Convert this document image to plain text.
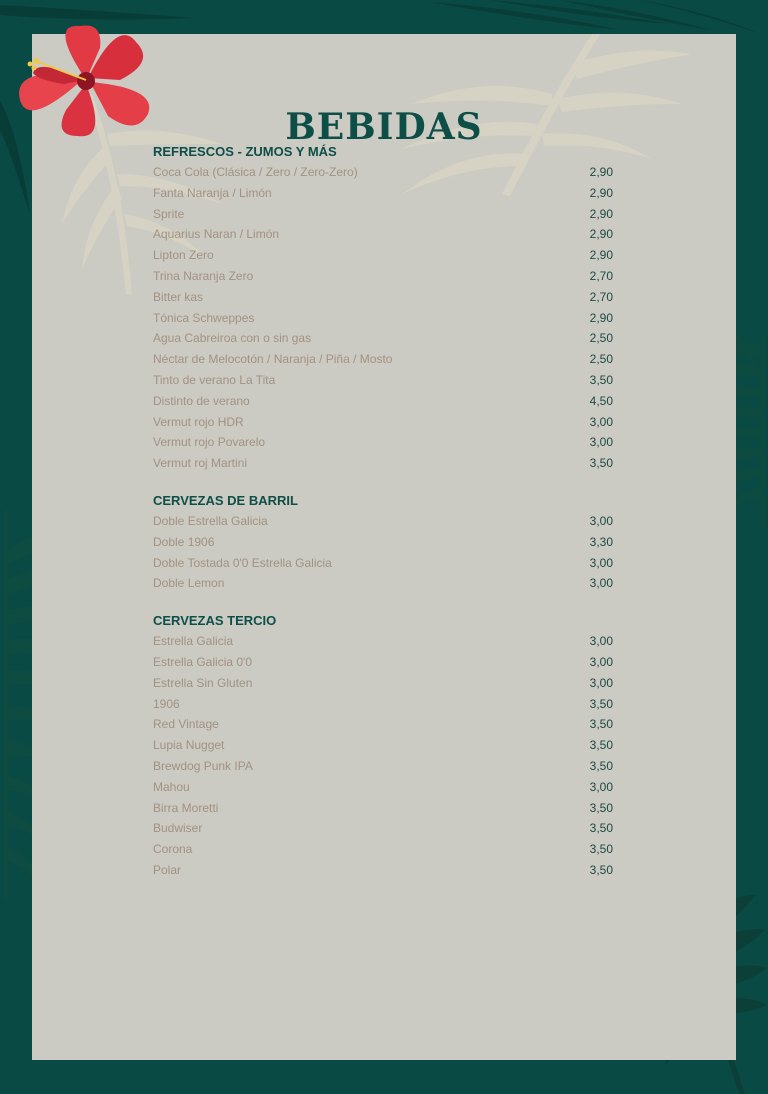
BEBIDAS
REFRESCOS - ZUMOS Y MÁS
Coca Cola (Clásica / Zero / Zero-Zero)	2,90
Fanta Naranja / Limón	2,90
Sprite	2,90
Aquarius Naran / Limón	2,90
Lipton Zero	2,90
Trina Naranja Zero	2,70
Bitter kas	2,70
Tónica Schweppes	2,90
Agua Cabreiroa con o sin gas	2,50
Néctar de Melocotón / Naranja / Piña / Mosto	2,50
Tinto de verano La Tita	3,50
Distinto de verano	4,50
Vermut rojo HDR	3,00
Vermut rojo Povarelo	3,00
Vermut roj Martini	3,50
CERVEZAS DE BARRIL
Doble Estrella Galicia	3,00
Doble 1906	3,30
Doble Tostada 0'0 Estrella Galicia	3,00
Doble Lemon	3,00
CERVEZAS TERCIO
Estrella Galicia	3,00
Estrella Galicia 0'0	3,00
Estrella Sin Gluten	3,00
1906	3,50
Red Vintage	3,50
Lupia Nugget	3,50
Brewdog Punk IPA	3,50
Mahou	3,00
Birra Moretti	3,50
Budwiser	3,50
Corona	3,50
Polar	3,50
